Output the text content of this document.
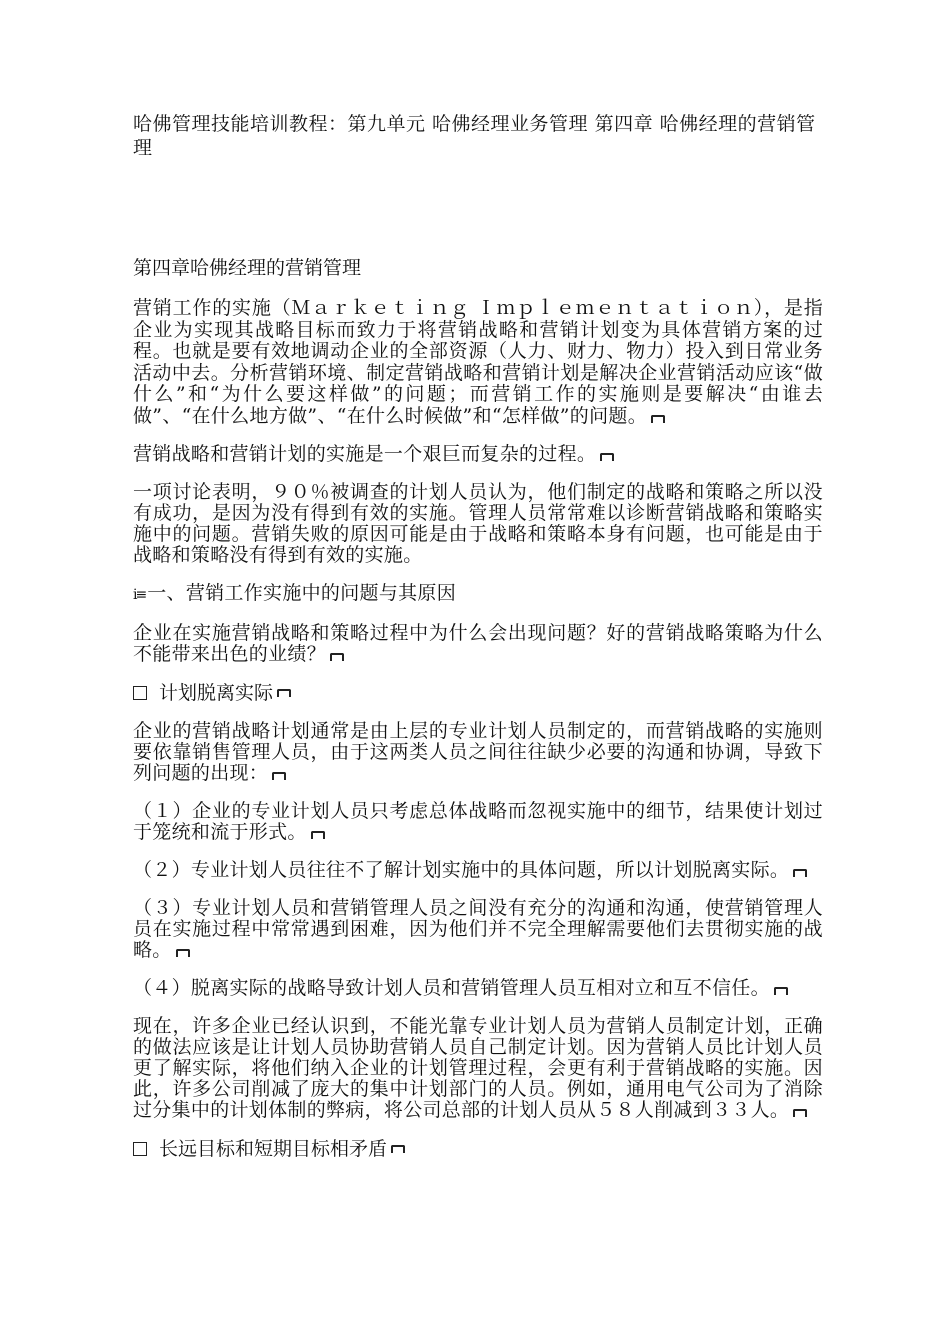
哈佛管理技能培训教程：第九单元 哈佛经理业务管理 第四章 哈佛经理的营销管理
第四章哈佛经理的营销管理

营销工作的实施（Ｍａｒｋｅｔｉｎｇ Ｉｍｐｌｅｍｅｎｔａｔｉｏｎ），是指企业为实现其战略目标而致力于将营销战略和营销计划变为具体营销方案的过程。也就是要有效地调动企业的全部资源（人力、财力、物力）投入到日常业务活动中去。分析营销环境、制定营销战略和营销计划是解决企业营销活动应该“做什么”和“为什么要这样做”的问题；而营销工作的实施则是要解决“由谁去做”、“在什么地方做”、“在什么时候做”和“怎样做”的问题。

营销战略和营销计划的实施是一个艰巨而复杂的过程。

一项讨论表明，９０％被调查的计划人员认为，他们制定的战略和策略之所以没有成功，是因为没有得到有效的实施。管理人员常常难以诊断营销战略和策略实施中的问题。营销失败的原因可能是由于战略和策略本身有问题，也可能是由于战略和策略没有得到有效的实施。

ⅰ≡ 一、营销工作实施中的问题与其原因

企业在实施营销战略和策略过程中为什么会出现问题？好的营销战略策略为什么不能带来出色的业绩？

计划脱离实际

企业的营销战略计划通常是由上层的专业计划人员制定的，而营销战略的实施则要依靠销售管理人员，由于这两类人员之间往往缺少必要的沟通和协调，导致下列问题的出现：

（１）企业的专业计划人员只考虑总体战略而忽视实施中的细节，结果使计划过于笼统和流于形式。

（２）专业计划人员往往不了解计划实施中的具体问题，所以计划脱离实际。

（３）专业计划人员和营销管理人员之间没有充分的沟通和沟通，使营销管理人员在实施过程中常常遇到困难，因为他们并不完全理解需要他们去贯彻实施的战略。

（４）脱离实际的战略导致计划人员和营销管理人员互相对立和互不信任。

现在，许多企业已经认识到，不能光靠专业计划人员为营销人员制定计划，正确的做法应该是让计划人员协助营销人员自己制定计划。因为营销人员比计划人员更了解实际，将他们纳入企业的计划管理过程，会更有利于营销战略的实施。因此，许多公司削减了庞大的集中计划部门的人员。例如，通用电气公司为了消除过分集中的计划体制的弊病，将公司总部的计划人员从５８人削减到３３人。

长远目标和短期目标相矛盾
